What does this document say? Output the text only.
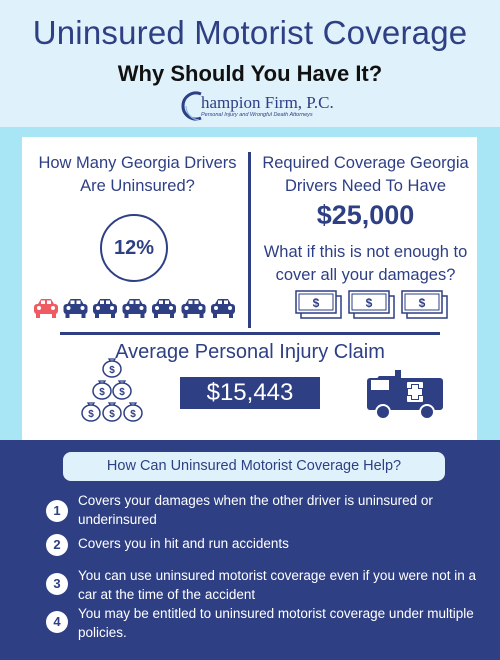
Uninsured Motorist Coverage
Why Should You Have It?
hampion Firm, P.C.
Personal Injury and Wrongful Death Attorneys
How Many Georgia Drivers Are Uninsured?
12%
Required Coverage Georgia Drivers Need To Have
$25,000
What if this is not enough to cover all your damages?
$	$	$
Average Personal Injury Claim
$
$ $
$ $ $
$15,443
How Can Uninsured Motorist Coverage Help?
1
Covers your damages when the other driver is uninsured or underinsured
2	Covers you in hit and run accidents
3
You can use uninsured motorist coverage even if you were not in a car at the time of the accident
4
You may be entitled to uninsured motorist coverage under multiple policies.
